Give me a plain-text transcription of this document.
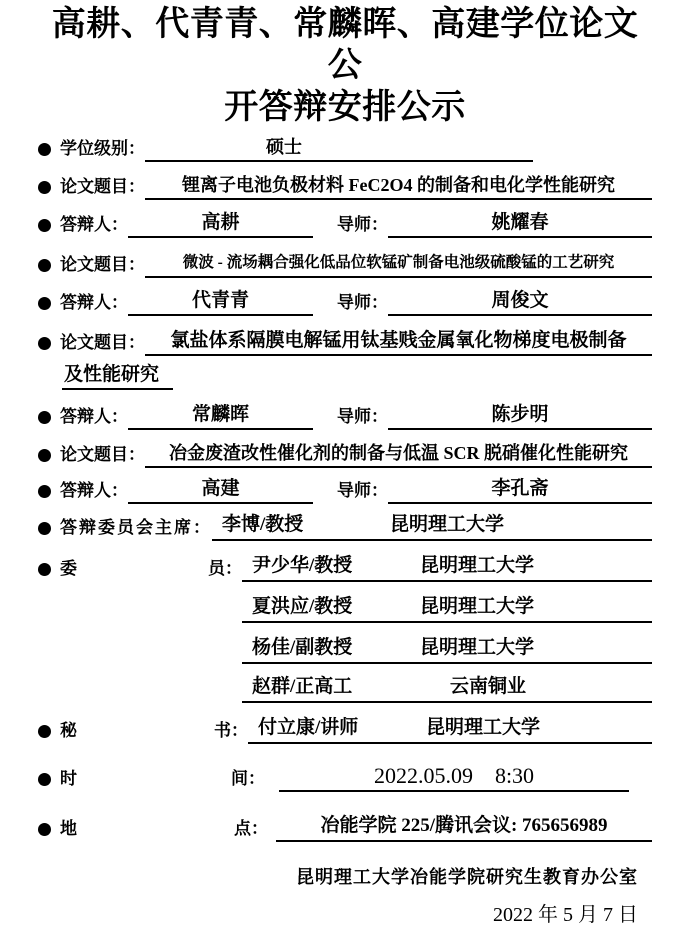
高耕、代青青、常麟晖、高建学位论文公
开答辩安排公示
学位级别：	硕士
论文题目：	锂离子电池负极材料 FeC2O4 的制备和电化学性能研究
答辩人：	高耕	导师：	姚耀春
论文题目：	微波 - 流场耦合强化低品位软锰矿制备电池级硫酸锰的工艺研究
答辩人：	代青青	导师：	周俊文
论文题目：	氯盐体系隔膜电解锰用钛基贱金属氧化物梯度电极制备
及性能研究
答辩人：	常麟晖	导师：	陈步明
论文题目：	冶金废渣改性催化剂的制备与低温 SCR 脱硝催化性能研究
答辩人：	高建	导师：	李孔斋
答辩委员会主席： 李博/教授	昆明理工大学
委	员： 尹少华/教授	昆明理工大学
夏洪应/教授	昆明理工大学
杨佳/副教授	昆明理工大学
赵群/正高工	云南铜业
秘	书： 付立康/讲师	昆明理工大学
时	间：	2022.05.09    8:30
地	点：	冶能学院 225/腾讯会议: 765656989
昆明理工大学冶能学院研究生教育办公室
2022 年 5 月 7 日
